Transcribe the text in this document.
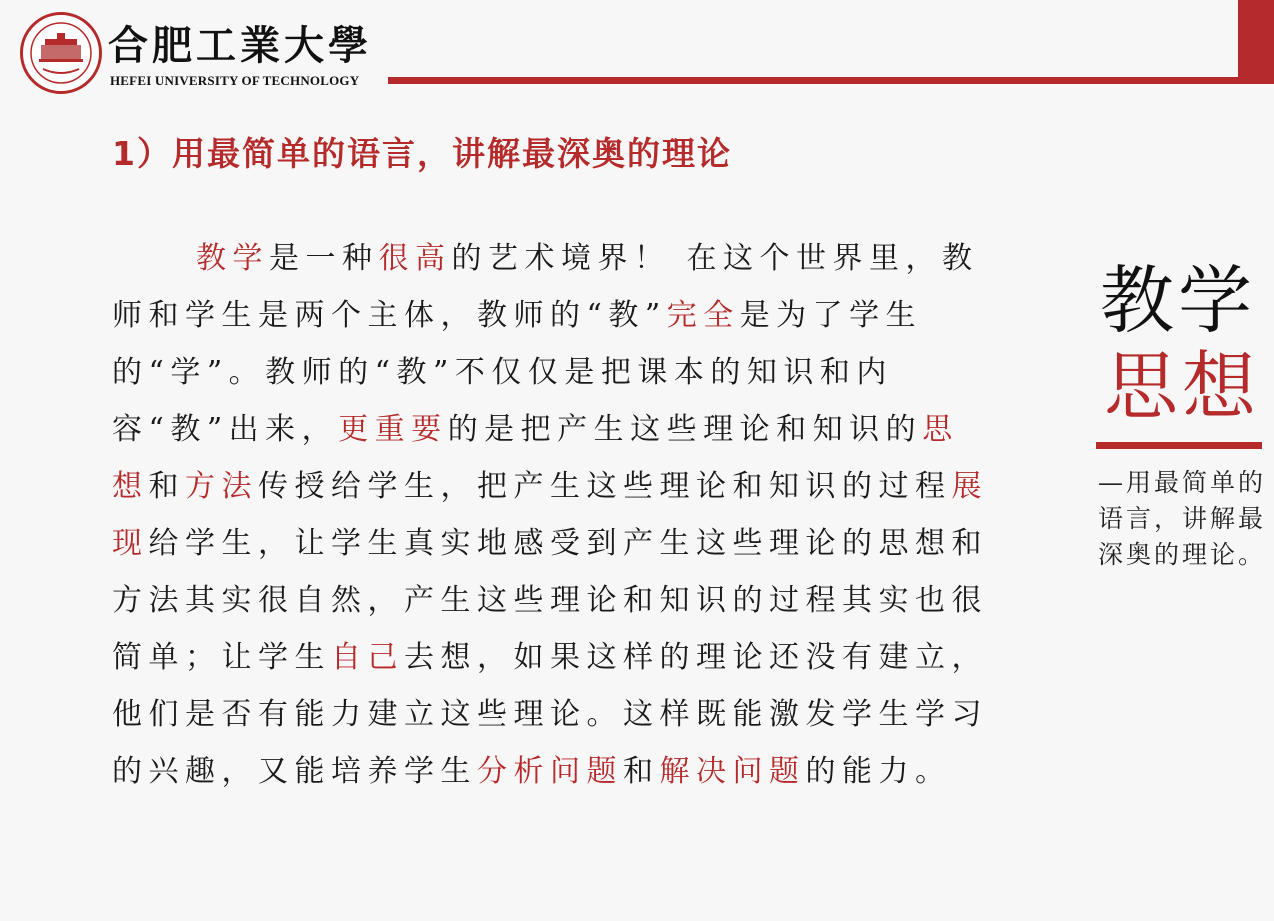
合肥工業大學
HEFEI UNIVERSITY OF TECHNOLOGY
1）用最简单的语言，讲解最深奥的理论
教学是一种很高的艺术境界！ 在这个世界里，教师和学生是两个主体，教师的“教”完全是为了学生的“学”。教师的“教”不仅仅是把课本的知识和内容“教”出来，更重要的是把产生这些理论和知识的思想和方法传授给学生，把产生这些理论和知识的过程展现给学生，让学生真实地感受到产生这些理论的思想和方法其实很自然，产生这些理论和知识的过程其实也很简单；让学生自己去想，如果这样的理论还没有建立，他们是否有能力建立这些理论。这样既能激发学生学习的兴趣，又能培养学生分析问题和解决问题的能力。
教学
思想
—用最简单的语言，讲解最深奥的理论。
